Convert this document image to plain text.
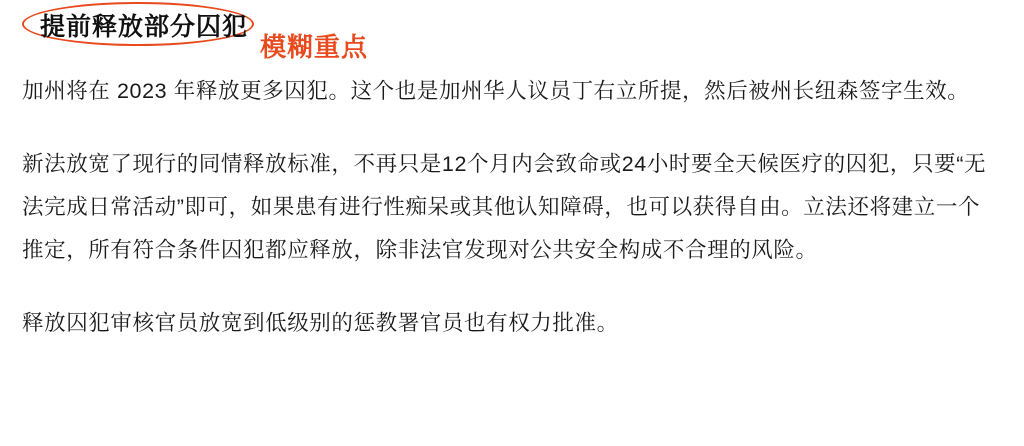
提前释放部分囚犯
模糊重点

加州将在 2023 年释放更多囚犯。这个也是加州华人议员丁右立所提，然后被州长纽森签字生效。

新法放宽了现行的同情释放标准，不再只是12个月内会致命或24小时要全天候医疗的囚犯，只要“无法完成日常活动”即可，如果患有进行性痴呆或其他认知障碍，也可以获得自由。立法还将建立一个推定，所有符合条件囚犯都应释放，除非法官发现对公共安全构成不合理的风险。

释放囚犯审核官员放宽到低级别的惩教署官员也有权力批准。
